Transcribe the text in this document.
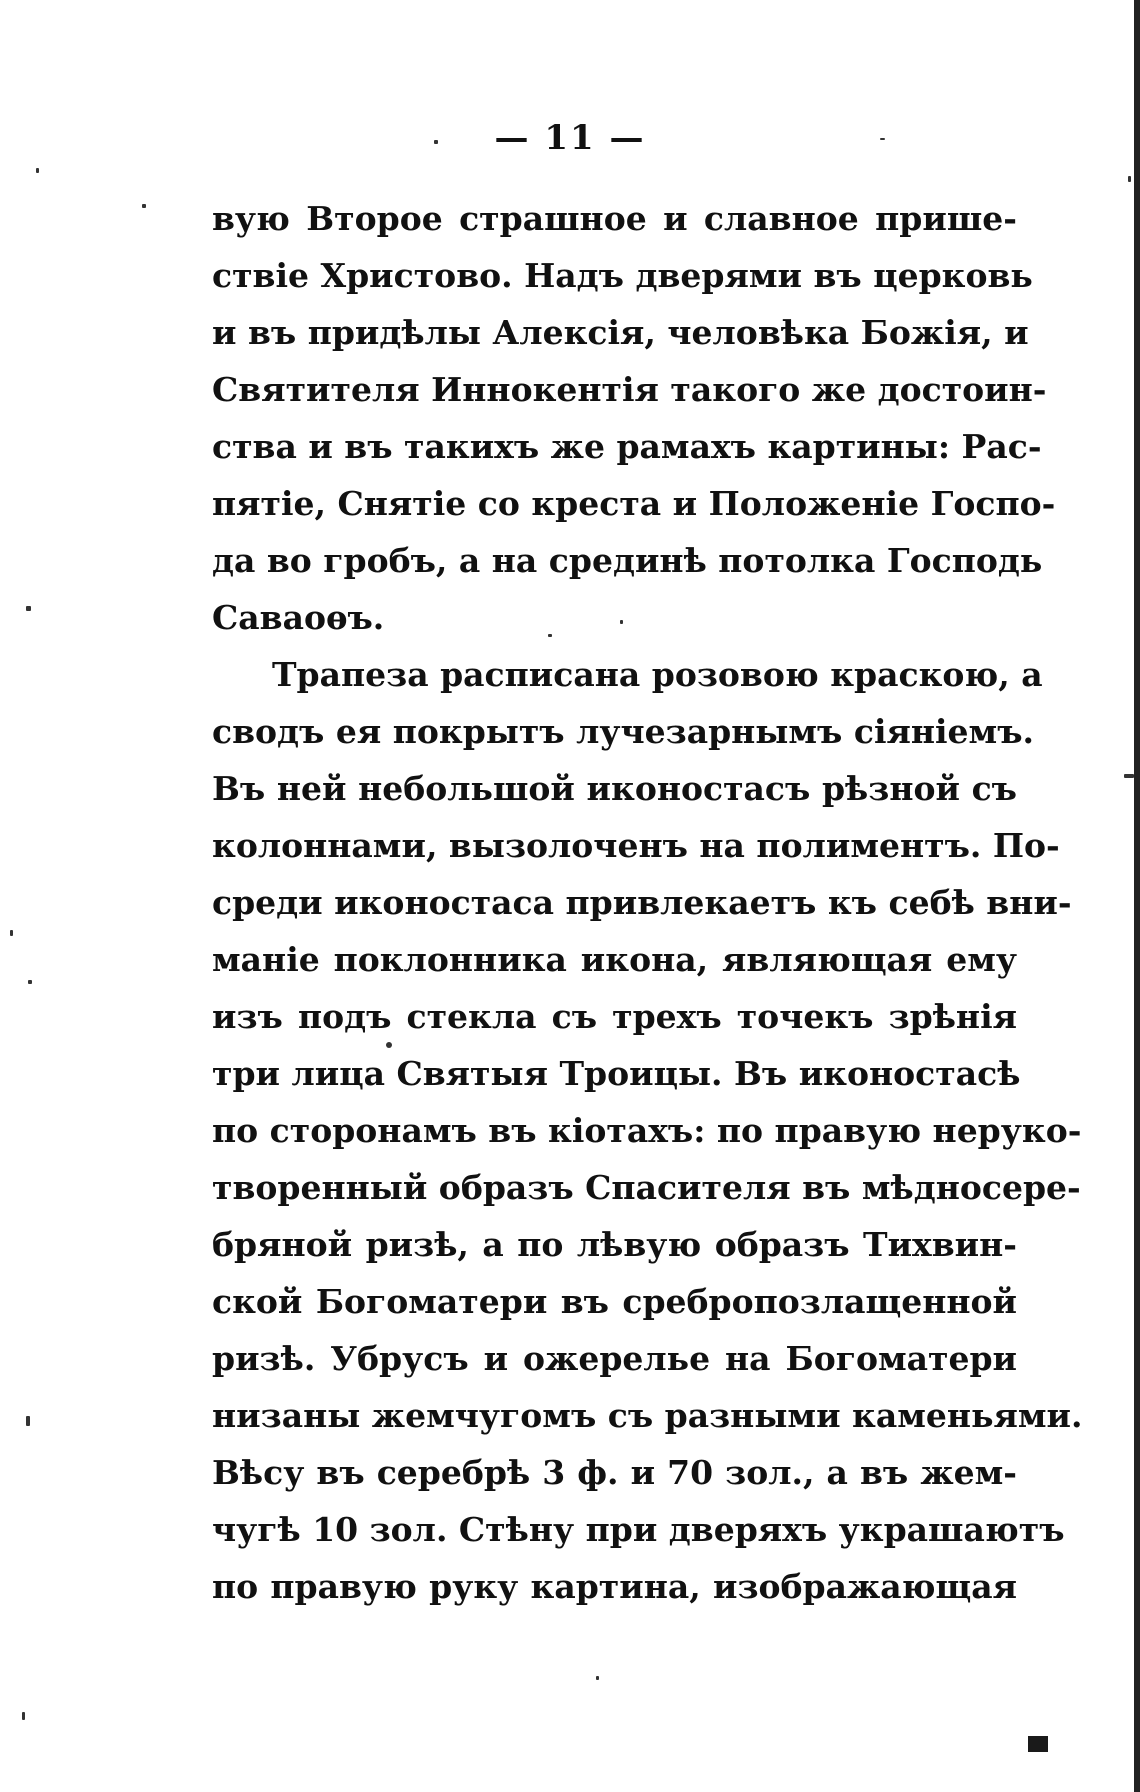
— 11 —
вую Второе страшное и славное прише-
ствіе Христово. Надъ дверями въ церковь
и въ придѣлы Алексія, человѣка Божія, и
Святителя Иннокентія такого же достоин-
ства и въ такихъ же рамахъ картины: Рас-
пятіе, Снятіе со креста и Положеніе Госпо-
да во гробъ, а на срединѣ потолка Господь
Саваоѳъ.
Трапеза расписана розовою краскою, а
сводъ ея покрытъ лучезарнымъ сіяніемъ.
Въ ней небольшой иконостасъ рѣзной съ
колоннами, вызолоченъ на полиментъ. По-
среди иконостаса привлекаетъ къ себѣ вни-
маніе поклонника икона, являющая ему
изъ подъ стекла съ трехъ точекъ зрѣнія
три лица Святыя Троицы. Въ иконостасѣ
по сторонамъ въ кіотахъ: по правую нерукo-
творенный образъ Спасителя въ мѣдносере-
бряной ризѣ, а по лѣвую образъ Тихвин-
ской Богоматери въ сребропозлащенной
ризѣ. Убрусъ и ожерелье на Богоматери
низаны жемчугомъ съ разными каменьями.
Вѣсу въ серебрѣ 3 ф. и 70 зол., а въ жем-
чугѣ 10 зол. Стѣну при дверяхъ украшаютъ
по правую руку картина, изображающая
